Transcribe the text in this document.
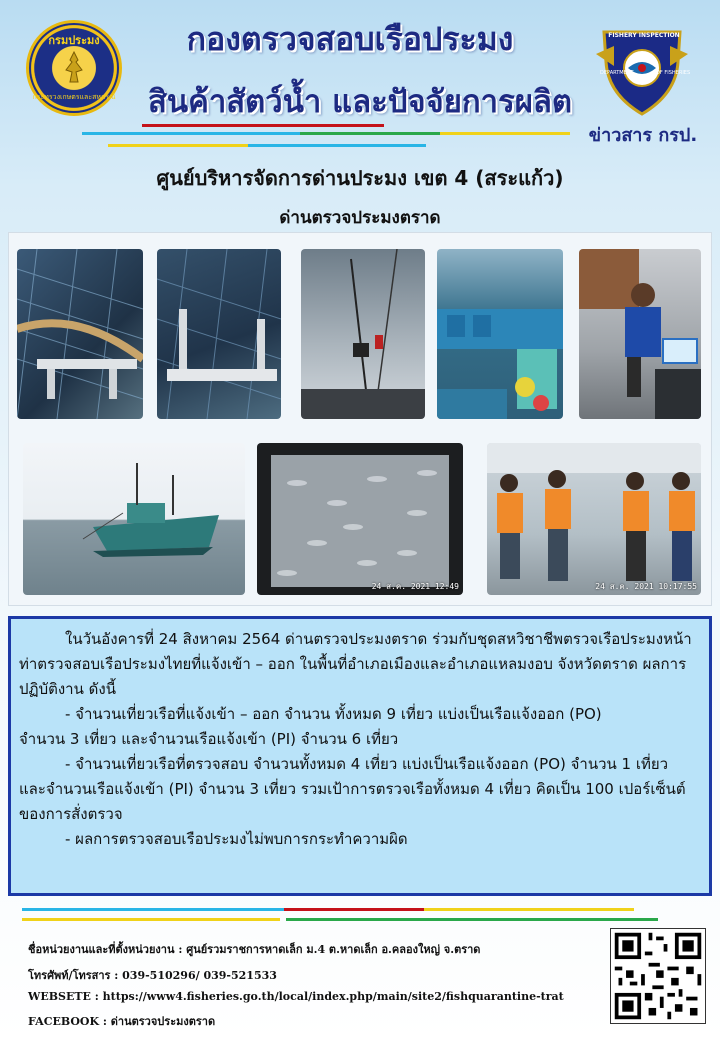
กรมประมง
กระทรวงเกษตรและสหกรณ์
กองตรวจสอบเรือประมง
สินค้าสัตว์น้ำ และปัจจัยการผลิต
FISHERY INSPECTION
DEPARTMENT	OF FISHERIES
ข่าวสาร กรป.
ศูนย์บริหารจัดการด่านประมง เขต 4 (สระแก้ว)
ด่านตรวจประมงตราด
24 ส.ค. 2021 12:49	24 ส.ค. 2021 10:17:55

ในวันอังคารที่ 24 สิงหาคม 2564 ด่านตรวจประมงตราด ร่วมกับชุดสหวิชาชีพตรวจเรือประมงหน้าท่าตรวจสอบเรือประมงไทยที่แจ้งเข้า – ออก ในพื้นที่อำเภอเมืองและอำเภอแหลมงอบ จังหวัดตราด ผลการปฏิบัติงาน ดังนี้

- จำนวนเที่ยวเรือที่แจ้งเข้า – ออก จำนวน ทั้งหมด 9 เที่ยว แบ่งเป็นเรือแจ้งออก (PO)

จำนวน 3 เที่ยว และจำนวนเรือแจ้งเข้า (PI) จำนวน 6 เที่ยว

- จำนวนเที่ยวเรือที่ตรวจสอบ จำนวนทั้งหมด 4 เที่ยว แบ่งเป็นเรือแจ้งออก (PO) จำนวน 1 เที่ยว

และจำนวนเรือแจ้งเข้า (PI) จำนวน 3 เที่ยว รวมเป้าการตรวจเรือทั้งหมด 4 เที่ยว คิดเป็น 100 เปอร์เซ็นต์ ของการสั่งตรวจ

- ผลการตรวจสอบเรือประมงไม่พบการกระทำความผิด

ชื่อหน่วยงานและที่ตั้งหน่วยงาน : ศูนย์รวมราชการหาดเล็ก ม.4 ต.หาดเล็ก อ.คลองใหญ่ จ.ตราด
โทรศัพท์/โทรสาร : 039-510296/ 039-521533
WEBSETE : https://www4.fisheries.go.th/local/index.php/main/site2/fishquarantine-trat
FACEBOOK : ด่านตรวจประมงตราด
